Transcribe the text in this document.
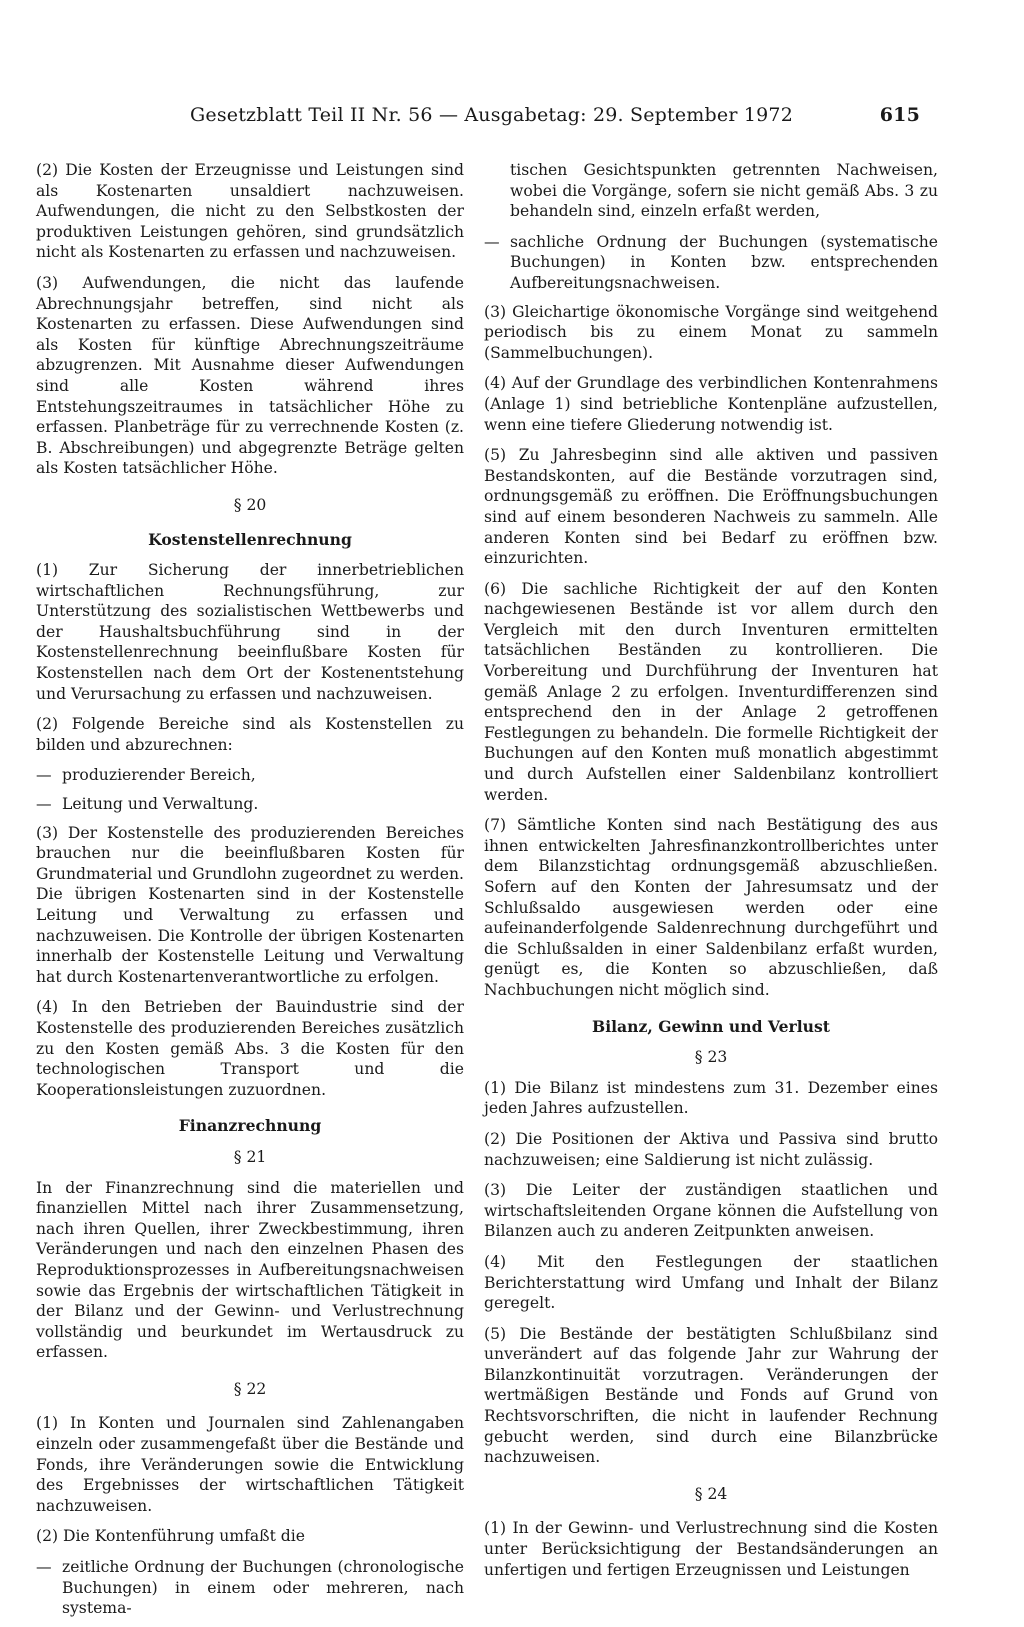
Gesetzblatt Teil II Nr. 56 — Ausgabetag: 29. September 1972	615

(2) Die Kosten der Erzeugnisse und Leistungen sind als Kostenarten unsaldiert nachzuweisen. Aufwendungen, die nicht zu den Selbstkosten der produktiven Leistungen gehören, sind grundsätzlich nicht als Kostenarten zu erfassen und nachzuweisen.

(3) Aufwendungen, die nicht das laufende Abrechnungsjahr betreffen, sind nicht als Kostenarten zu erfassen. Diese Aufwendungen sind als Kosten für künftige Abrechnungszeiträume abzugrenzen. Mit Ausnahme dieser Aufwendungen sind alle Kosten während ihres Entstehungszeitraumes in tatsächlicher Höhe zu erfassen. Planbeträge für zu verrechnende Kosten (z. B. Abschreibungen) und abgegrenzte Beträge gelten als Kosten tatsächlicher Höhe.

§ 20
Kostenstellenrechnung

(1) Zur Sicherung der innerbetrieblichen wirtschaftlichen Rechnungsführung, zur Unterstützung des sozialistischen Wettbewerbs und der Haushaltsbuchführung sind in der Kostenstellenrechnung beeinflußbare Kosten für Kostenstellen nach dem Ort der Kostenentstehung und Verursachung zu erfassen und nachzuweisen.

(2) Folgende Bereiche sind als Kostenstellen zu bilden und abzurechnen:

— produzierender Bereich,
— Leitung und Verwaltung.

(3) Der Kostenstelle des produzierenden Bereiches brauchen nur die beeinflußbaren Kosten für Grundmaterial und Grundlohn zugeordnet zu werden. Die übrigen Kostenarten sind in der Kostenstelle Leitung und Verwaltung zu erfassen und nachzuweisen. Die Kontrolle der übrigen Kostenarten innerhalb der Kostenstelle Leitung und Verwaltung hat durch Kostenartenverantwortliche zu erfolgen.

(4) In den Betrieben der Bauindustrie sind der Kostenstelle des produzierenden Bereiches zusätzlich zu den Kosten gemäß Abs. 3 die Kosten für den technologischen Transport und die Kooperationsleistungen zuzuordnen.

Finanzrechnung
§ 21

In der Finanzrechnung sind die materiellen und finanziellen Mittel nach ihrer Zusammensetzung, nach ihren Quellen, ihrer Zweckbestimmung, ihren Veränderungen und nach den einzelnen Phasen des Reproduktionsprozesses in Aufbereitungsnachweisen sowie das Ergebnis der wirtschaftlichen Tätigkeit in der Bilanz und der Gewinn- und Verlustrechnung vollständig und beurkundet im Wertausdruck zu erfassen.

§ 22

(1) In Konten und Journalen sind Zahlenangaben einzeln oder zusammengefaßt über die Bestände und Fonds, ihre Veränderungen sowie die Entwicklung des Ergebnisses der wirtschaftlichen Tätigkeit nachzuweisen.

(2) Die Kontenführung umfaßt die

— zeitliche Ordnung der Buchungen (chronologische Buchungen) in einem oder mehreren, nach systema-

tischen Gesichtspunkten getrennten Nachweisen, wobei die Vorgänge, sofern sie nicht gemäß Abs. 3 zu behandeln sind, einzeln erfaßt werden,

— sachliche Ordnung der Buchungen (systematische Buchungen) in Konten bzw. entsprechenden Aufbereitungsnachweisen.

(3) Gleichartige ökonomische Vorgänge sind weitgehend periodisch bis zu einem Monat zu sammeln (Sammelbuchungen).

(4) Auf der Grundlage des verbindlichen Kontenrahmens (Anlage 1) sind betriebliche Kontenpläne aufzustellen, wenn eine tiefere Gliederung notwendig ist.

(5) Zu Jahresbeginn sind alle aktiven und passiven Bestandskonten, auf die Bestände vorzutragen sind, ordnungsgemäß zu eröffnen. Die Eröffnungsbuchungen sind auf einem besonderen Nachweis zu sammeln. Alle anderen Konten sind bei Bedarf zu eröffnen bzw. einzurichten.

(6) Die sachliche Richtigkeit der auf den Konten nachgewiesenen Bestände ist vor allem durch den Vergleich mit den durch Inventuren ermittelten tatsächlichen Beständen zu kontrollieren. Die Vorbereitung und Durchführung der Inventuren hat gemäß Anlage 2 zu erfolgen. Inventurdifferenzen sind entsprechend den in der Anlage 2 getroffenen Festlegungen zu behandeln. Die formelle Richtigkeit der Buchungen auf den Konten muß monatlich abgestimmt und durch Aufstellen einer Saldenbilanz kontrolliert werden.

(7) Sämtliche Konten sind nach Bestätigung des aus ihnen entwickelten Jahresfinanzkontrollberichtes unter dem Bilanzstichtag ordnungsgemäß abzuschließen. Sofern auf den Konten der Jahresumsatz und der Schlußsaldo ausgewiesen werden oder eine aufeinanderfolgende Saldenrechnung durchgeführt und die Schlußsalden in einer Saldenbilanz erfaßt wurden, genügt es, die Konten so abzuschließen, daß Nachbuchungen nicht möglich sind.

Bilanz, Gewinn und Verlust
§ 23

(1) Die Bilanz ist mindestens zum 31. Dezember eines jeden Jahres aufzustellen.

(2) Die Positionen der Aktiva und Passiva sind brutto nachzuweisen; eine Saldierung ist nicht zulässig.

(3) Die Leiter der zuständigen staatlichen und wirtschaftsleitenden Organe können die Aufstellung von Bilanzen auch zu anderen Zeitpunkten anweisen.

(4) Mit den Festlegungen der staatlichen Berichterstattung wird Umfang und Inhalt der Bilanz geregelt.

(5) Die Bestände der bestätigten Schlußbilanz sind unverändert auf das folgende Jahr zur Wahrung der Bilanzkontinuität vorzutragen. Veränderungen der wertmäßigen Bestände und Fonds auf Grund von Rechtsvorschriften, die nicht in laufender Rechnung gebucht werden, sind durch eine Bilanzbrücke nachzuweisen.

§ 24

(1) In der Gewinn- und Verlustrechnung sind die Kosten unter Berücksichtigung der Bestandsänderungen an unfertigen und fertigen Erzeugnissen und Leistungen
